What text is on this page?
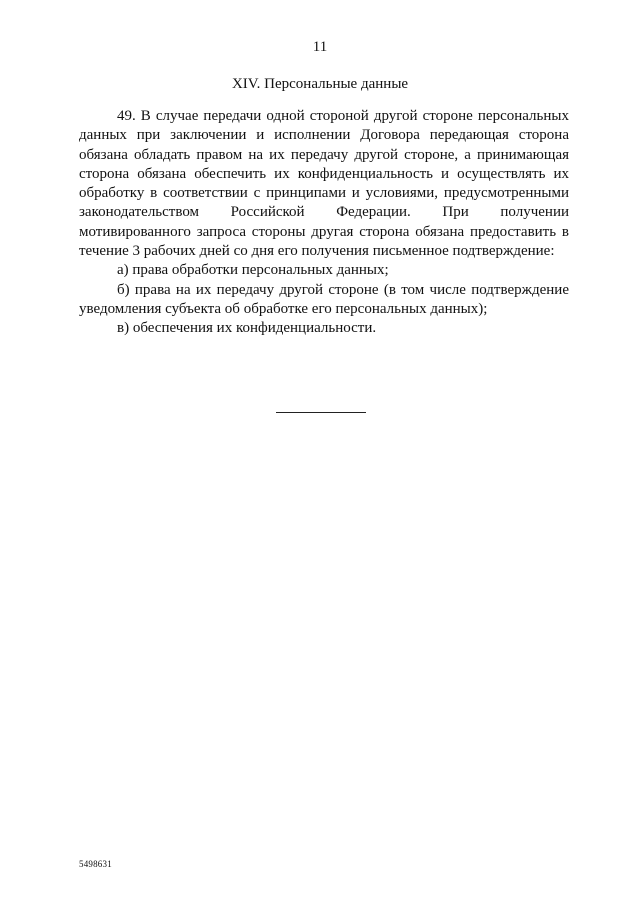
11
XIV. Персональные данные

49. В случае передачи одной стороной другой стороне персональных данных при заключении и исполнении Договора передающая сторона обязана обладать правом на их передачу другой стороне, а принимающая сторона обязана обеспечить их конфиденциальность и осуществлять их обработку в соответствии с принципами и условиями, предусмотренными законодательством Российской Федерации. При получении мотивированного запроса стороны другая сторона обязана предоставить в течение 3 рабочих дней со дня его получения письменное подтверждение:

а) права обработки персональных данных;

б) права на их передачу другой стороне (в том числе подтверждение уведомления субъекта об обработке его персональных данных);

в) обеспечения их конфиденциальности.

5498631
